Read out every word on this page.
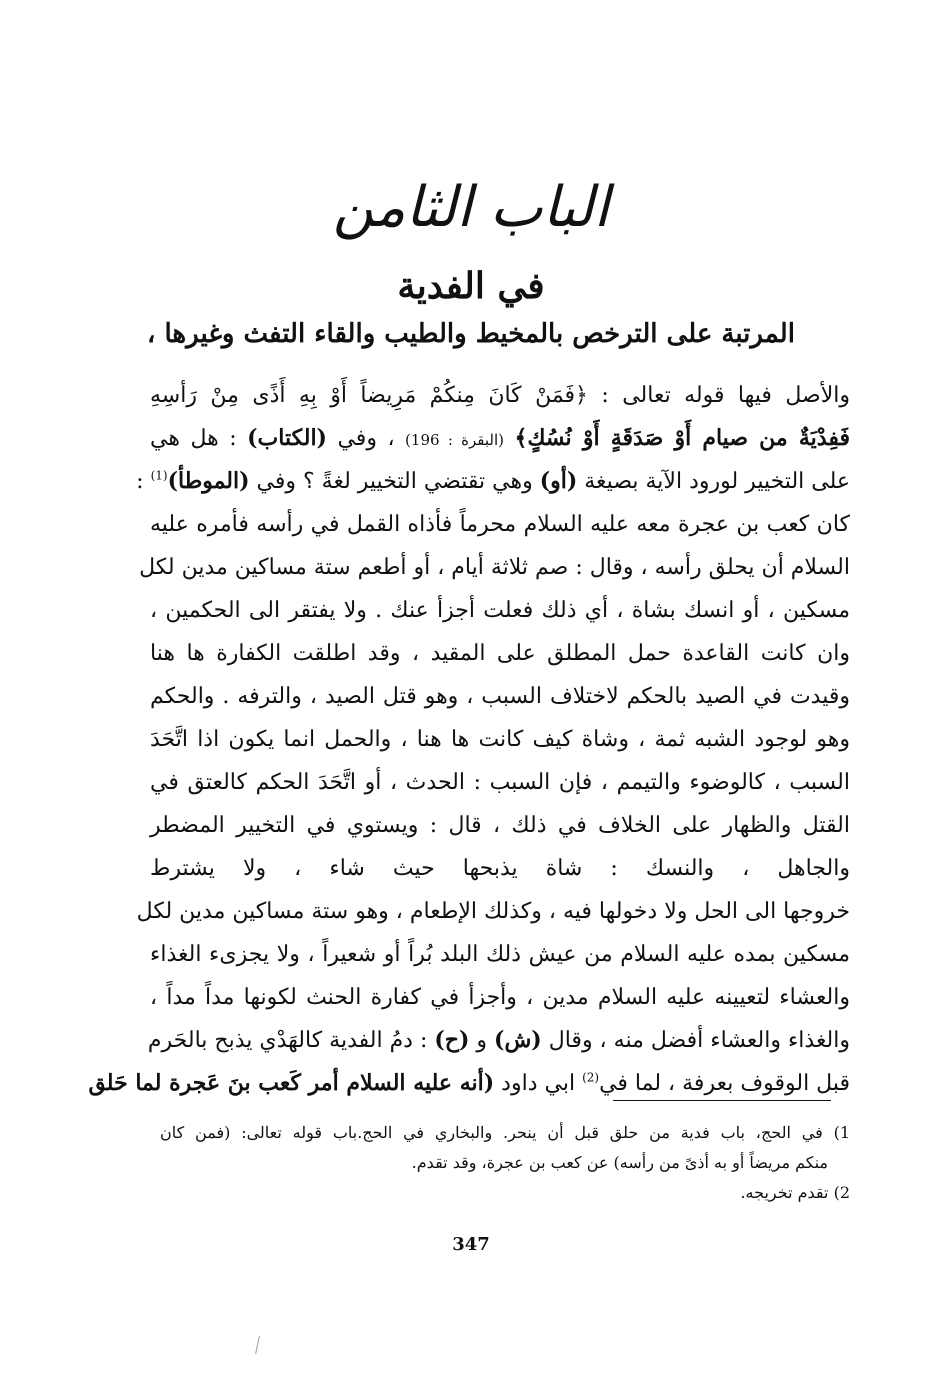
الباب الثامن
في الفدية
المرتبة على الترخص بالمخيط والطيب والقاء التفث وغيرها ،
والأصل فيها قوله تعالى : ﴿فَمَنْ كَانَ مِنكُمْ مَرِيضاً أَوْ بِهِ أَذًى مِنْ رَأسِهِ
فَفِدْيَةٌ من صيام أَوْ صَدَقَةٍ أَوْ نُسُكٍ﴾ (البقرة : 196) ، وفي (الكتاب) : هل هي
على التخيير لورود الآية بصيغة (أو) وهي تقتضي التخيير لغةً ؟ وفي (الموطأ)$^{(1)}$ :
كان كعب بن عجرة معه عليه السلام محرماً فأذاه القمل في رأسه فأمره عليه
السلام أن يحلق رأسه ، وقال : صم ثلاثة أيام ، أو أطعم ستة مساكين مدين لكل
مسكين ، أو انسك بشاة ، أي ذلك فعلت أجزأ عنك . ولا يفتقر الى الحكمين ،
وان كانت القاعدة حمل المطلق على المقيد ، وقد اطلقت الكفارة ها هنا
وقيدت في الصيد بالحكم لاختلاف السبب ، وهو قتل الصيد ، والترفه . والحكم
وهو لوجود الشبه ثمة ، وشاة كيف كانت ها هنا ، والحمل انما يكون اذا اتَّحَدَ
السبب ، كالوضوء والتيمم ، فإن السبب : الحدث ، أو اتَّحَدَ الحكم كالعتق في
القتل والظهار على الخلاف في ذلك ، قال : ويستوي في التخيير المضطر
والجاهل ، والنسك : شاة يذبحها حيث شاء ، ولا يشترط
خروجها الى الحل ولا دخولها فيه ، وكذلك الإطعام ، وهو ستة مساكين مدين لكل
مسكين بمده عليه السلام من عيش ذلك البلد بُراً أو شعيراً ، ولا يجزىء الغذاء
والعشاء لتعيينه عليه السلام مدين ، وأجزأ في كفارة الحنث لكونها مداً مداً ،
والغذاء والعشاء أفضل منه ، وقال (ش) و (ح) : دمُ الفدية كالهَدْي يذبح بالحَرم
قبل الوقوف بعرفة ، لما في$^{(2)}$ ابي داود (أنه عليه السلام أمر كَعب بنَ عَجرة لما حَلق
1) في الحج، باب فدية من حلق قبل أن ينحر. والبخاري في الحج.باب قوله تعالى: (فمن كان
منكم مريضاً أو به أذىً من رأسه) عن كعب بن عجرة، وقد تقدم.
2) تقدم تخريجه.
347
